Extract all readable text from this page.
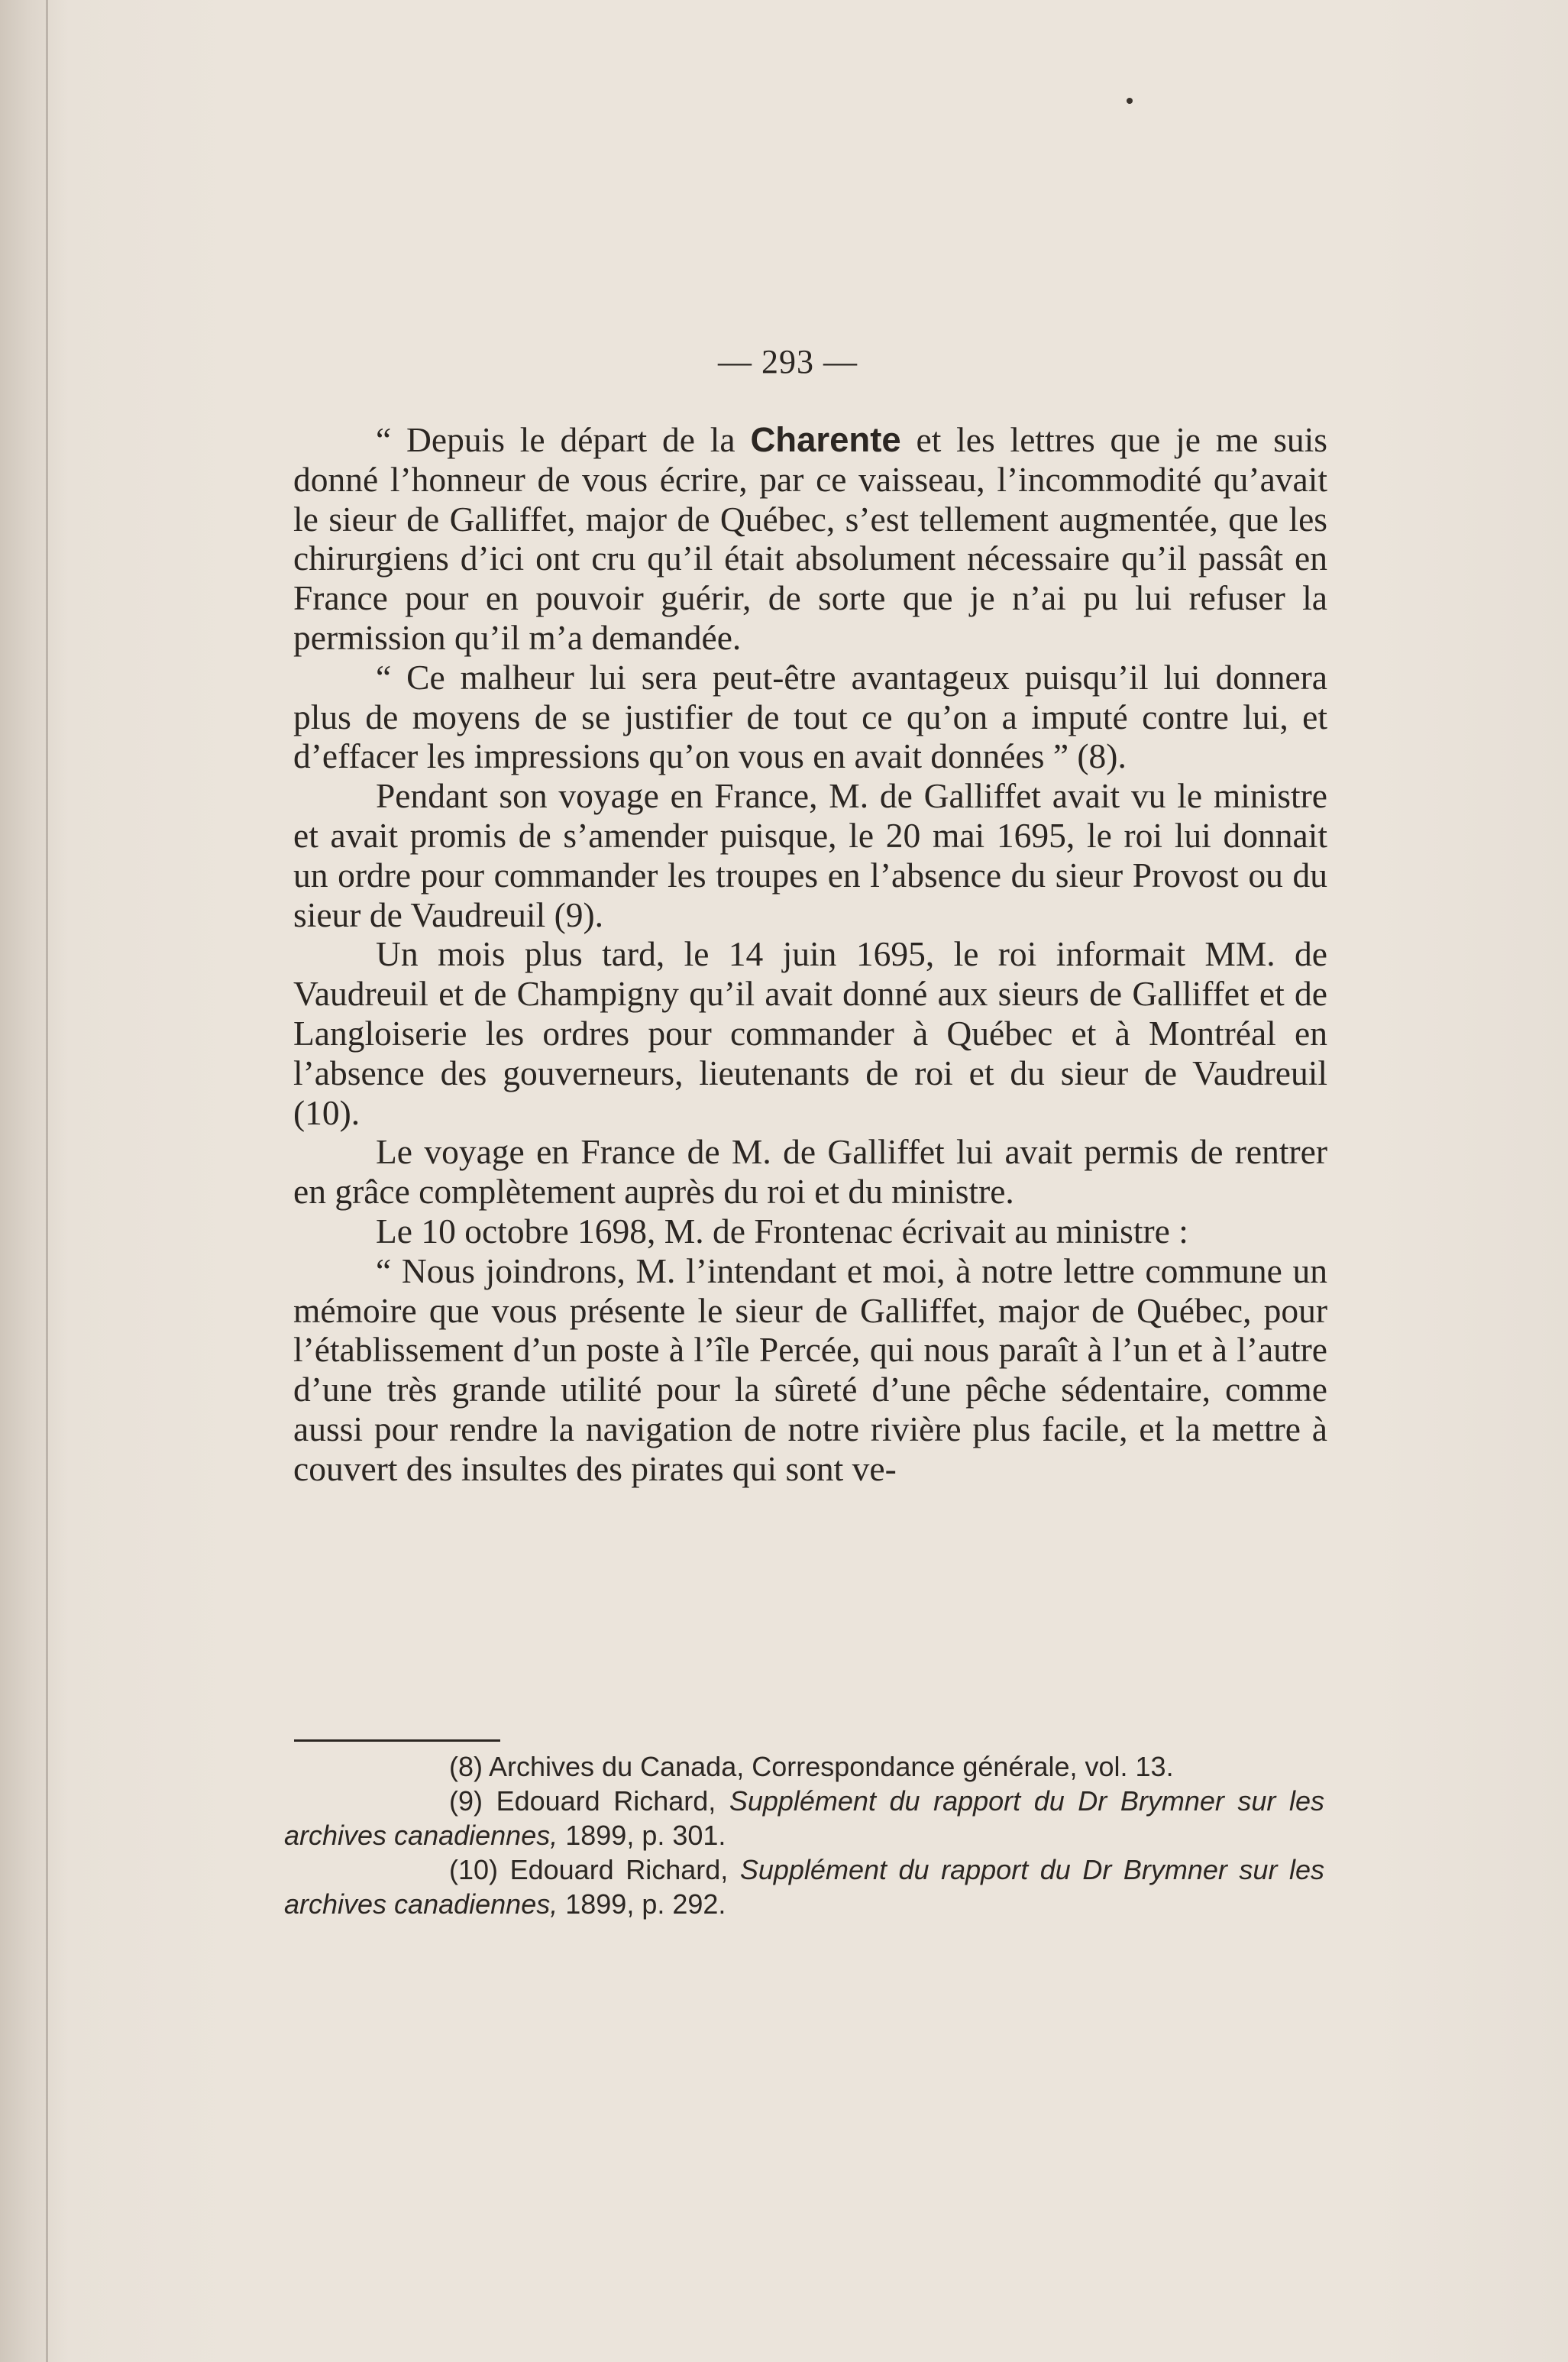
— 293 —

“ Depuis le départ de la Charente et les lettres que je me suis donné l’honneur de vous écrire, par ce vaisseau, l’incommodité qu’avait le sieur de Galliffet, major de Québec, s’est tellement augmentée, que les chirurgiens d’ici ont cru qu’il était absolument nécessaire qu’il passât en France pour en pouvoir guérir, de sorte que je n’ai pu lui refuser la permission qu’il m’a demandée.

“ Ce malheur lui sera peut-être avantageux puisqu’il lui donnera plus de moyens de se justifier de tout ce qu’on a imputé contre lui, et d’effacer les impressions qu’on vous en avait données ” (8).

Pendant son voyage en France, M. de Galliffet avait vu le ministre et avait promis de s’amender puisque, le 20 mai 1695, le roi lui donnait un ordre pour commander les troupes en l’absence du sieur Provost ou du sieur de Vaudreuil (9).

Un mois plus tard, le 14 juin 1695, le roi informait MM. de Vaudreuil et de Champigny qu’il avait donné aux sieurs de Galliffet et de Langloiserie les ordres pour commander à Québec et à Montréal en l’absence des gouverneurs, lieutenants de roi et du sieur de Vaudreuil (10).

Le voyage en France de M. de Galliffet lui avait permis de rentrer en grâce complètement auprès du roi et du ministre.

Le 10 octobre 1698, M. de Frontenac écrivait au ministre :

“ Nous joindrons, M. l’intendant et moi, à notre lettre commune un mémoire que vous présente le sieur de Galliffet, major de Québec, pour l’établissement d’un poste à l’île Percée, qui nous paraît à l’un et à l’autre d’une très grande utilité pour la sûreté d’une pêche sédentaire, comme aussi pour rendre la navigation de notre rivière plus facile, et la mettre à couvert des insultes des pirates qui sont ve-

(8) Archives du Canada, Correspondance générale, vol. 13.

(9) Edouard Richard, Supplément du rapport du Dr Brymner sur les archives canadiennes, 1899, p. 301.

(10) Edouard Richard, Supplément du rapport du Dr Brymner sur les archives canadiennes, 1899, p. 292.
